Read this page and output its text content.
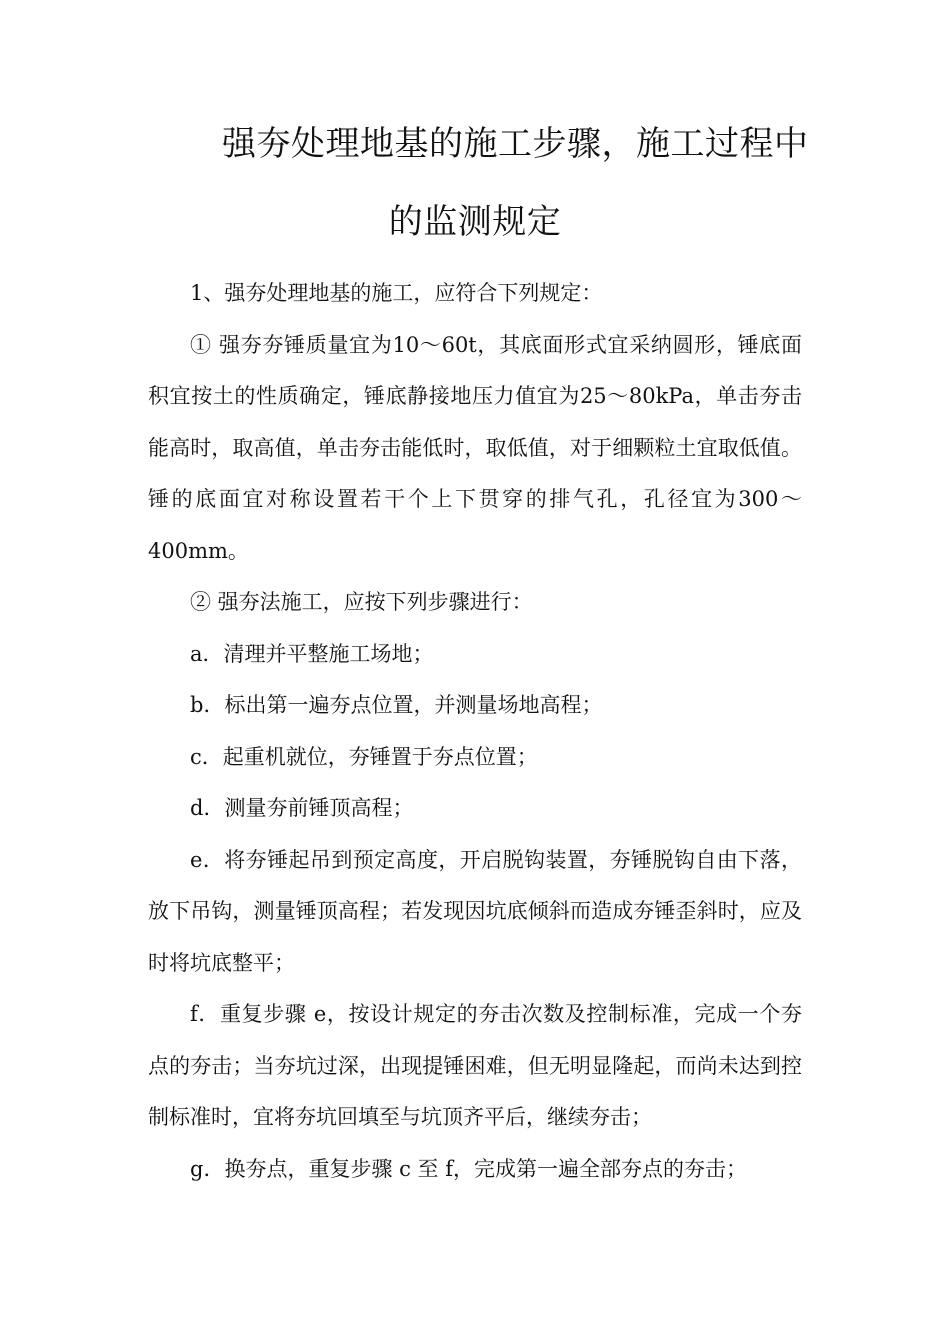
强夯处理地基的施工步骤，施工过程中
的监测规定

1、强夯处理地基的施工，应符合下列规定：

① 强夯夯锤质量宜为10～60t，其底面形式宜采纳圆形，锤底面积宜按土的性质确定，锤底静接地压力值宜为25～80kPa，单击夯击能高时，取高值，单击夯击能低时，取低值，对于细颗粒土宜取低值。锤的底面宜对称设置若干个上下贯穿的排气孔，孔径宜为300～400mm。

② 强夯法施工，应按下列步骤进行：

a．清理并平整施工场地；

b．标出第一遍夯点位置，并测量场地高程；

c．起重机就位，夯锤置于夯点位置；

d．测量夯前锤顶高程；

e．将夯锤起吊到预定高度，开启脱钩装置，夯锤脱钩自由下落，放下吊钩，测量锤顶高程；若发现因坑底倾斜而造成夯锤歪斜时，应及时将坑底整平；

f．重复步骤 e，按设计规定的夯击次数及控制标准，完成一个夯点的夯击；当夯坑过深，出现提锤困难，但无明显隆起，而尚未达到控制标准时，宜将夯坑回填至与坑顶齐平后，继续夯击；

g．换夯点，重复步骤 c 至 f，完成第一遍全部夯点的夯击；
